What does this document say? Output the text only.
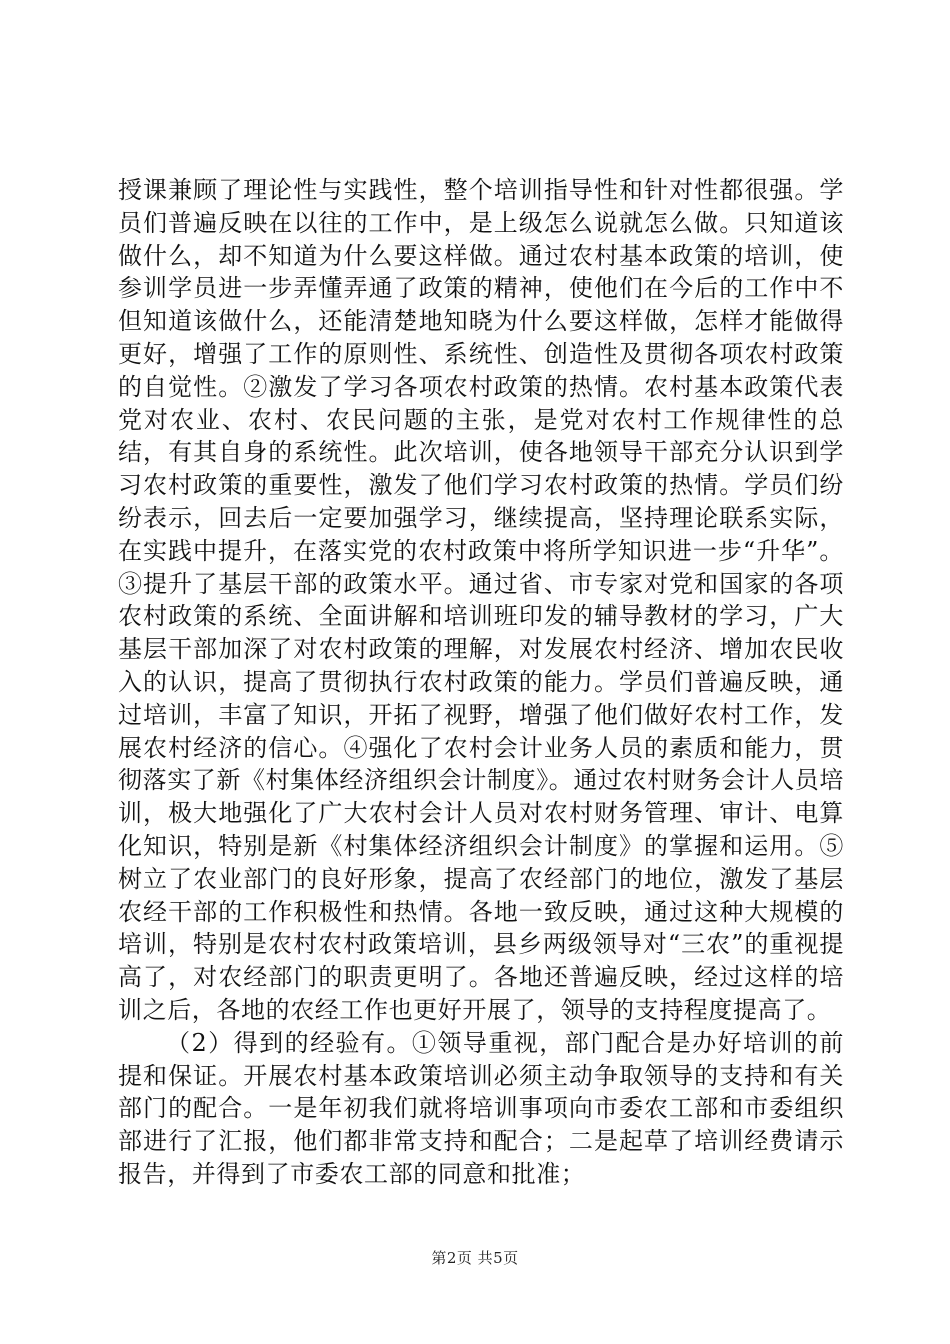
授课兼顾了理论性与实践性，整个培训指导性和针对性都很强。学员们普遍反映在以往的工作中，是上级怎么说就怎么做。只知道该做什么，却不知道为什么要这样做。通过农村基本政策的培训，使参训学员进一步弄懂弄通了政策的精神，使他们在今后的工作中不但知道该做什么，还能清楚地知晓为什么要这样做，怎样才能做得更好，增强了工作的原则性、系统性、创造性及贯彻各项农村政策的自觉性。②激发了学习各项农村政策的热情。农村基本政策代表党对农业、农村、农民问题的主张，是党对农村工作规律性的总结，有其自身的系统性。此次培训，使各地领导干部充分认识到学习农村政策的重要性，激发了他们学习农村政策的热情。学员们纷纷表示，回去后一定要加强学习，继续提高，坚持理论联系实际，在实践中提升，在落实党的农村政策中将所学知识进一步“升华”。③提升了基层干部的政策水平。通过省、市专家对党和国家的各项农村政策的系统、全面讲解和培训班印发的辅导教材的学习，广大基层干部加深了对农村政策的理解，对发展农村经济、增加农民收入的认识，提高了贯彻执行农村政策的能力。学员们普遍反映，通过培训，丰富了知识，开拓了视野，增强了他们做好农村工作，发展农村经济的信心。④强化了农村会计业务人员的素质和能力，贯彻落实了新《村集体经济组织会计制度》。通过农村财务会计人员培训，极大地强化了广大农村会计人员对农村财务管理、审计、电算化知识，特别是新《村集体经济组织会计制度》的掌握和运用。⑤树立了农业部门的良好形象，提高了农经部门的地位，激发了基层农经干部的工作积极性和热情。各地一致反映，通过这种大规模的培训，特别是农村农村政策培训，县乡两级领导对“三农”的重视提高了，对农经部门的职责更明了。各地还普遍反映，经过这样的培训之后，各地的农经工作也更好开展了，领导的支持程度提高了。

（2）得到的经验有。①领导重视，部门配合是办好培训的前提和保证。开展农村基本政策培训必须主动争取领导的支持和有关部门的配合。一是年初我们就将培训事项向市委农工部和市委组织部进行了汇报，他们都非常支持和配合；二是起草了培训经费请示报告，并得到了市委农工部的同意和批准；

第2页 共5页
